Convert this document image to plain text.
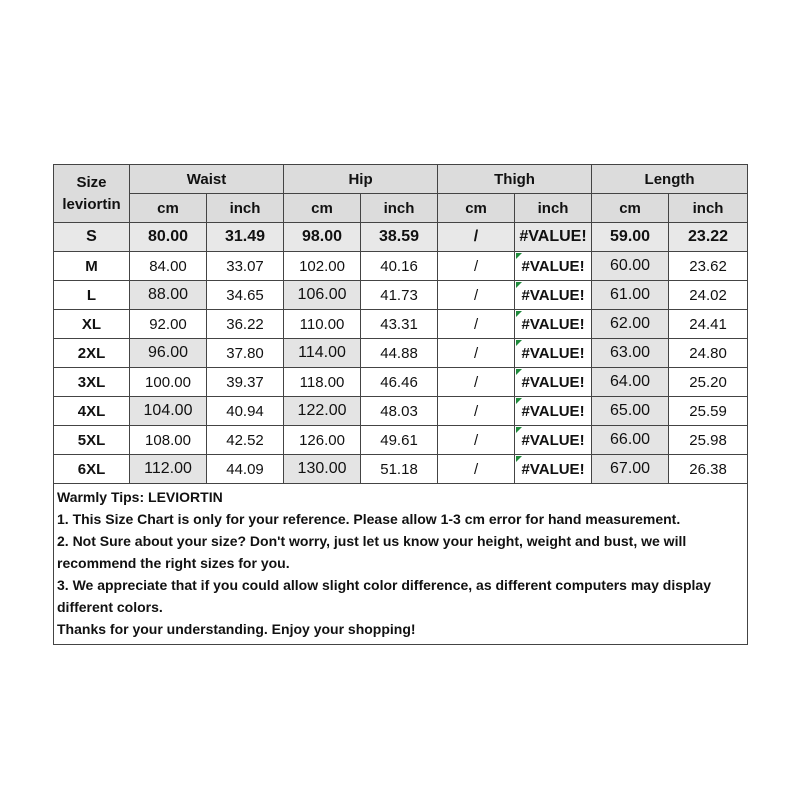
Size
leviortin	Waist		Hip		Thigh		Length	
	cm	inch	cm	inch	cm	inch	cm	inch
S	80.00	31.49	98.00	38.59	/	#VALUE!	59.00	23.22
M	84.00	33.07	102.00	40.16	/	#VALUE!	60.00	23.62
L	88.00	34.65	106.00	41.73	/	#VALUE!	61.00	24.02
XL	92.00	36.22	110.00	43.31	/	#VALUE!	62.00	24.41
2XL	96.00	37.80	114.00	44.88	/	#VALUE!	63.00	24.80
3XL	100.00	39.37	118.00	46.46	/	#VALUE!	64.00	25.20
4XL	104.00	40.94	122.00	48.03	/	#VALUE!	65.00	25.59
5XL	108.00	42.52	126.00	49.61	/	#VALUE!	66.00	25.98
6XL	112.00	44.09	130.00	51.18	/	#VALUE!	67.00	26.38

Warmly Tips: LEVIORTIN
1. This Size Chart is only for your reference. Please allow 1-3 cm error for hand measurement.
2. Not Sure about your size? Don't worry, just let us know your height, weight and bust, we will recommend the right sizes for you.
3. We appreciate that if you could allow slight color difference, as different computers may display different colors.
Thanks for your understanding. Enjoy your shopping!								
